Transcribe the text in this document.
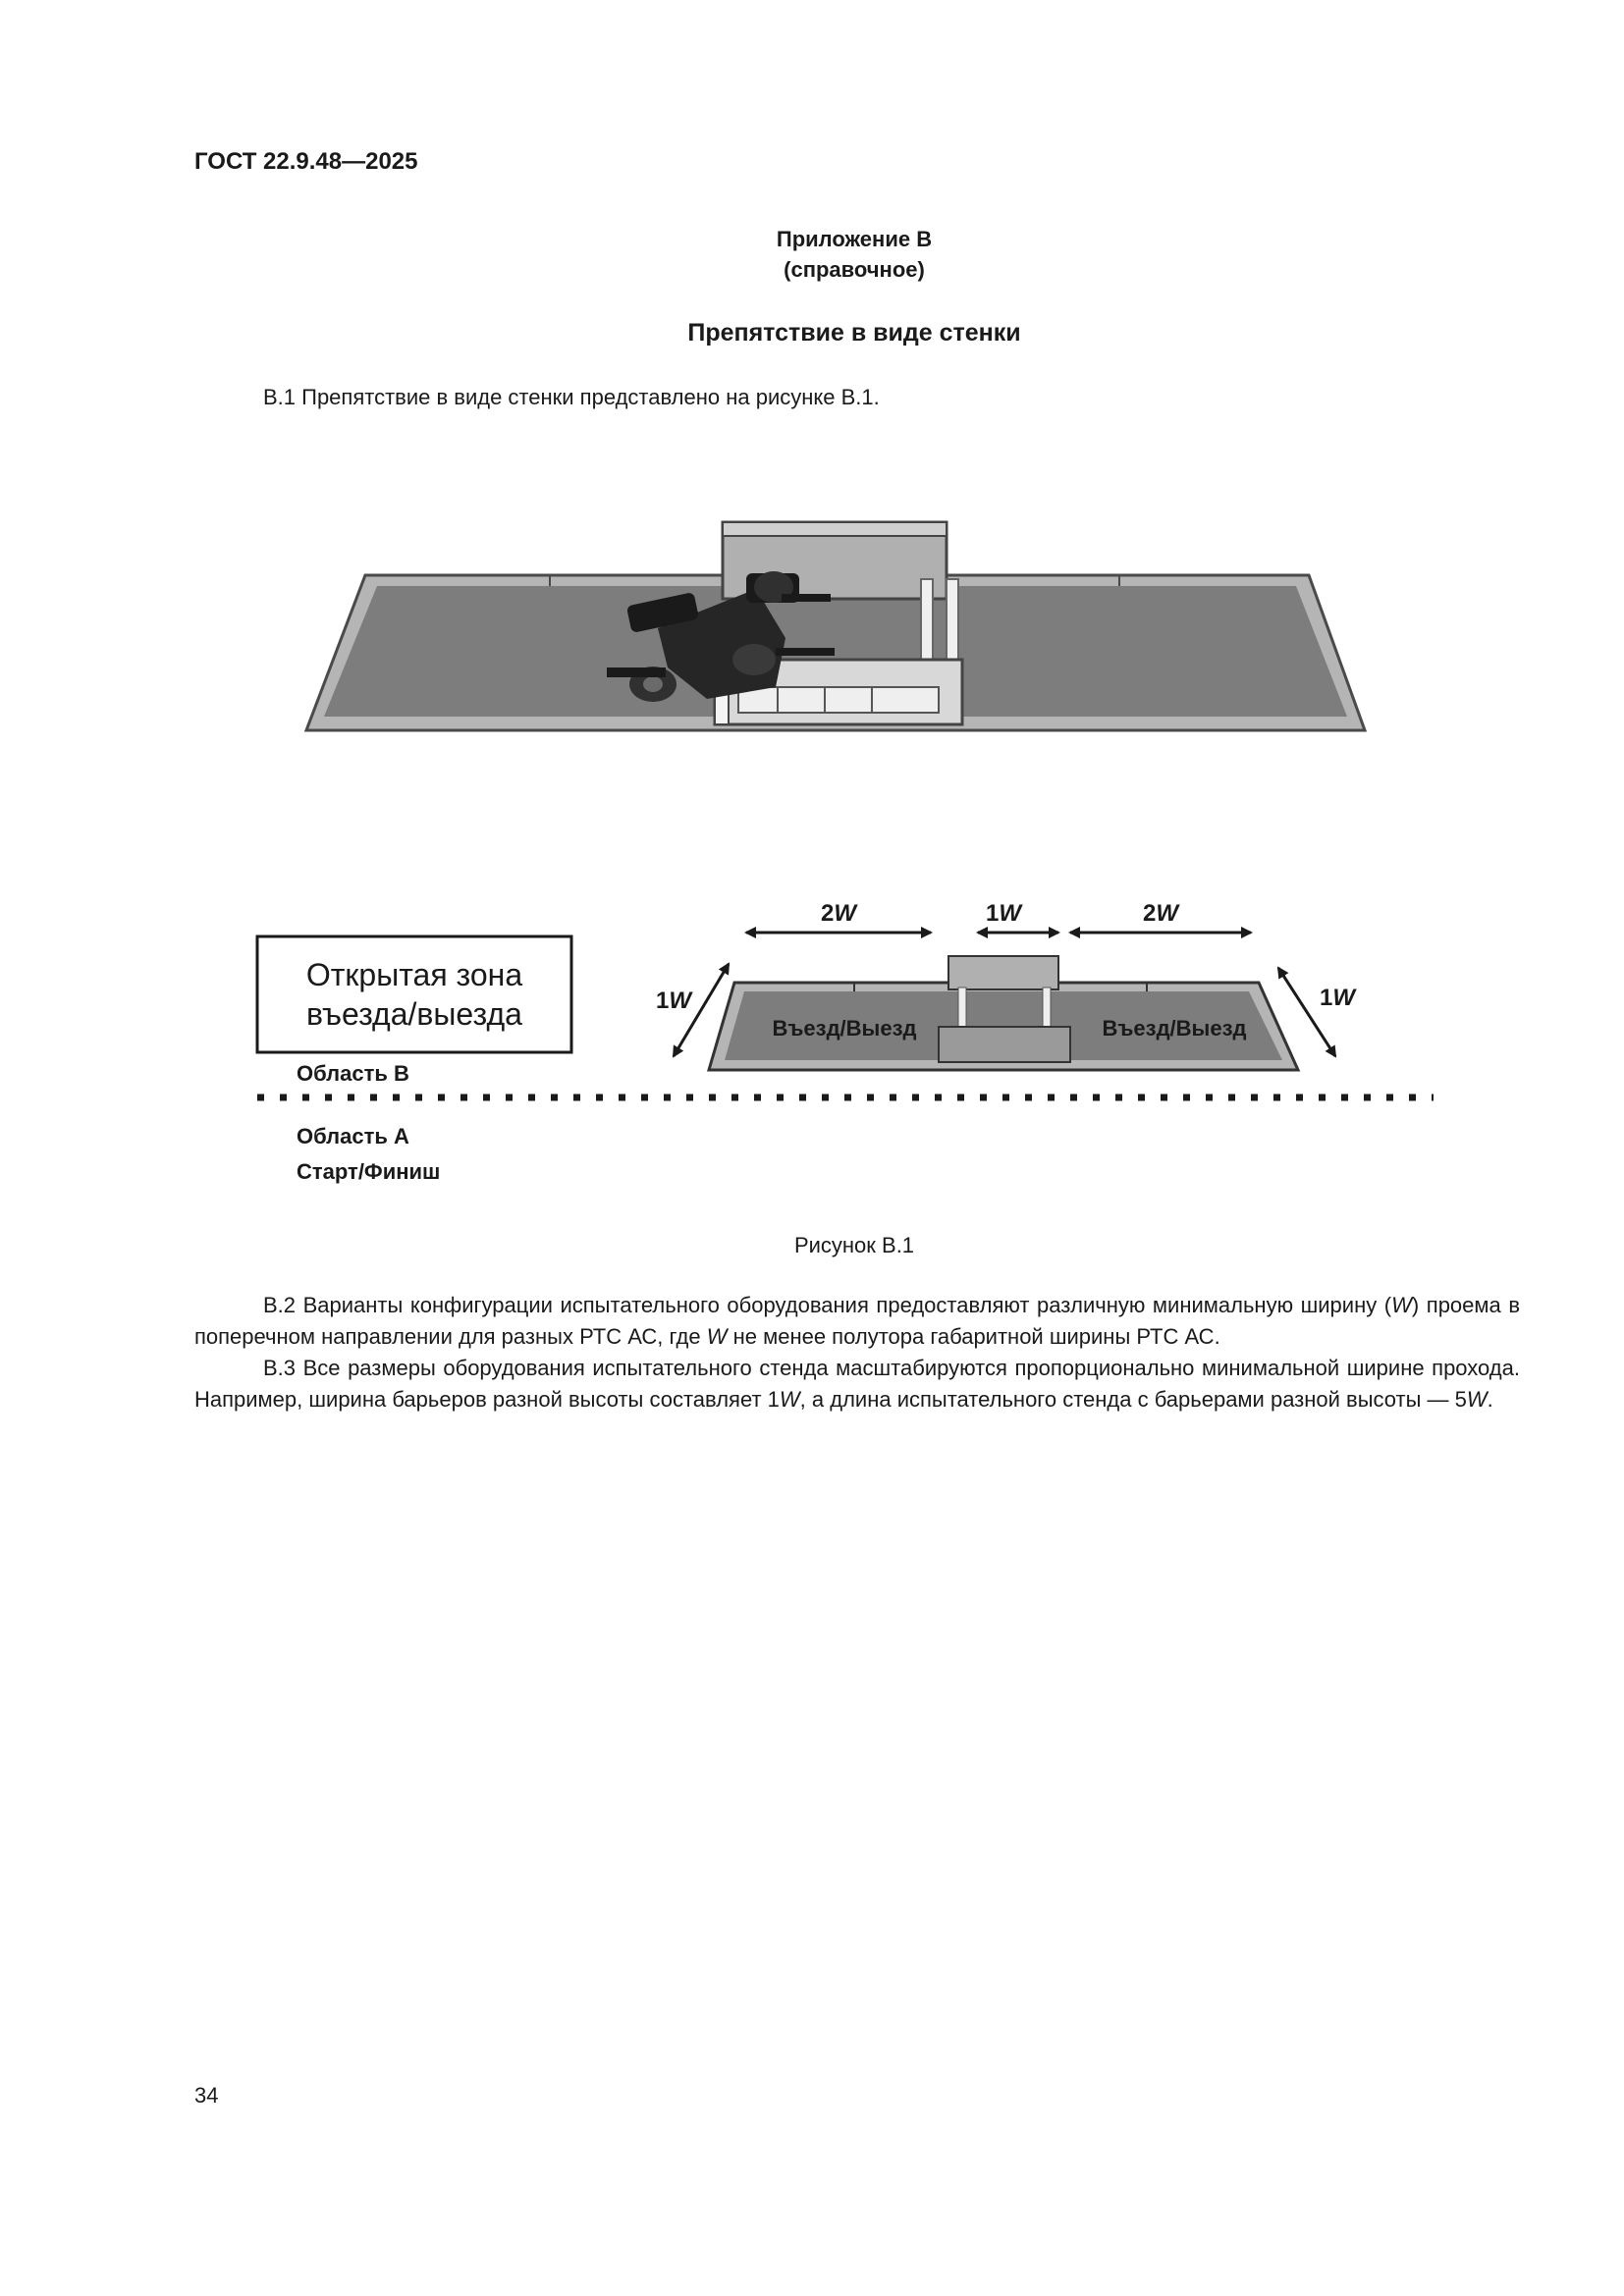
ГОСТ 22.9.48—2025
Приложение В
(справочное)
Препятствие в виде стенки

В.1 Препятствие в виде стенки представлено на рисунке В.1.

Открытая зона
въезда/выезда
Область В
Область А
Старт/Финиш
Въезд/Выезд	Въезд/Выезд
2W	1W	2W
1W	1W
Рисунок В.1

В.2 Варианты конфигурации испытательного оборудования предоставляют различную минимальную ширину (W) проема в поперечном направлении для разных РТС АС, где W не менее полутора габаритной ширины РТС АС.

В.3 Все размеры оборудования испытательного стенда масштабируются пропорционально минимальной ширине прохода. Например, ширина барьеров разной высоты составляет 1W, а длина испытательного стенда с барьерами разной высоты — 5W.

34
